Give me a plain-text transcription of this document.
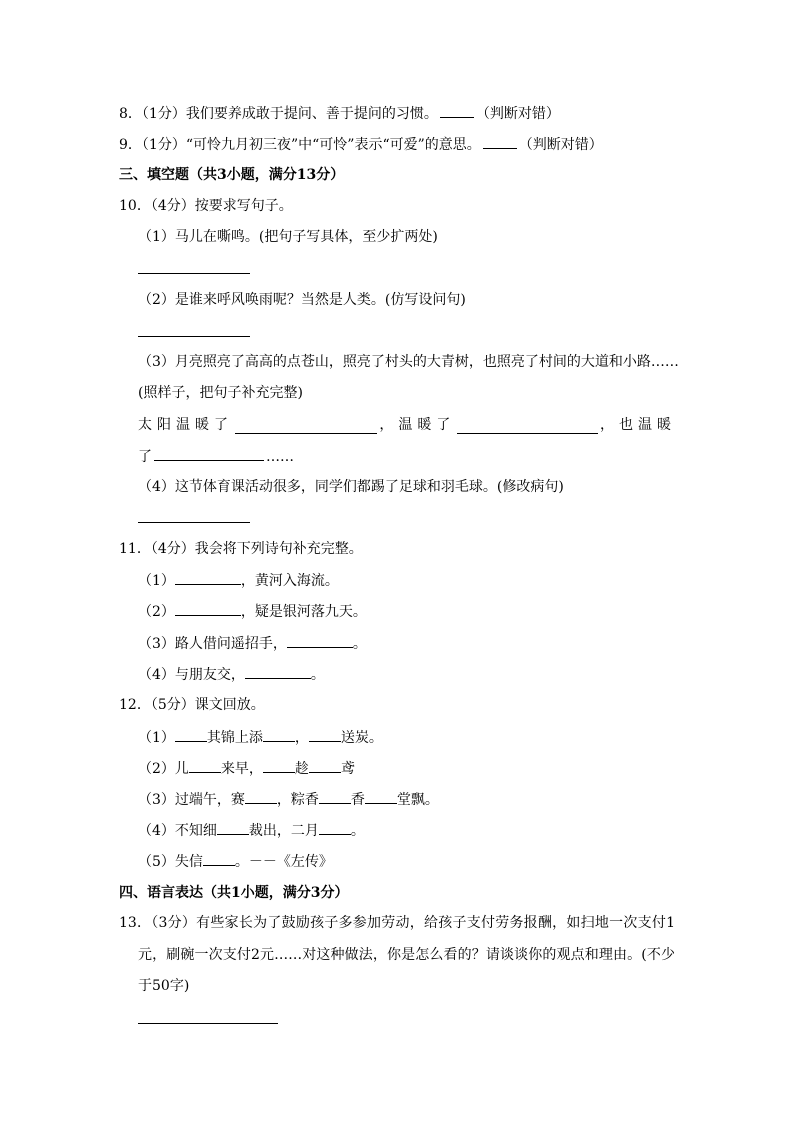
8．（1分）我们要养成敢于提问、善于提问的习惯。	（判断对错）
9．（1分）“可怜九月初三夜”中“可怜”表示“可爱”的意思。	（判断对错）
三、填空题（共3小题，满分13分）
10．（4分）按要求写句子。
（1）马儿在嘶鸣。(把句子写具体，至少扩两处)
（2）是谁来呼风唤雨呢？当然是人类。(仿写设问句)
（3）月亮照亮了高高的点苍山，照亮了村头的大青树，也照亮了村间的大道和小路……
(照样子，把句子补充完整)
太阳温暖了	，温暖了	，也温暖
了	……
（4）这节体育课活动很多，同学们都踢了足球和羽毛球。(修改病句)
11．（4分）我会将下列诗句补充完整。
（1）	，黄河入海流。
（2）	，疑是银河落九天。
（3）路人借问遥招手，	。
（4）与朋友交，	。
12．（5分）课文回放。
（1） 其锦上添 ， 送炭。
（2）儿 来早， 趁 鸢
（3）过端午，赛 ，粽香 香 堂飘。
（4）不知细 裁出，二月 。
（5）失信 。－－《左传》
四、语言表达（共1小题，满分3分）
13．（3分）有些家长为了鼓励孩子多参加劳动，给孩子支付劳务报酬，如扫地一次支付1
元，刷碗一次支付2元……对这种做法，你是怎么看的？请谈谈你的观点和理由。(不少
于50字)
